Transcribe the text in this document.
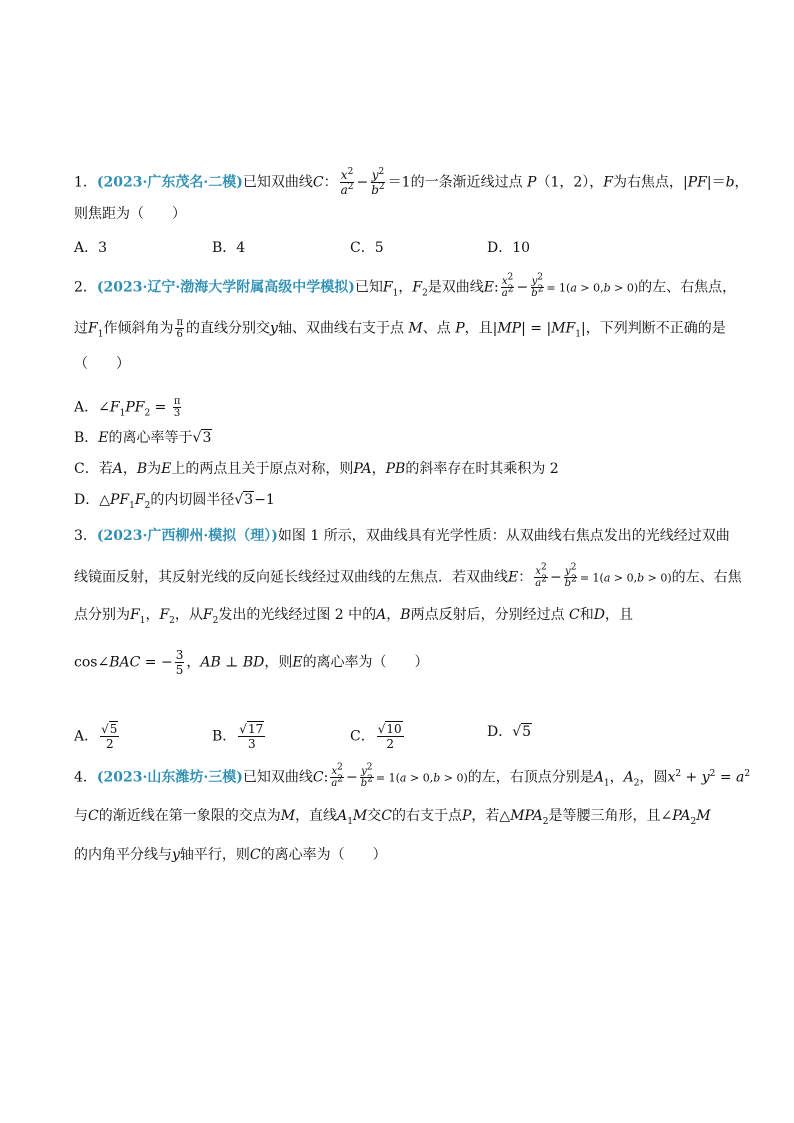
1．(2023·广东茂名·二模)已知双曲线C： $\frac{x^2}{a^2} - \frac{y^2}{b^2} =1$的一条渐近线过点 P（1，2），F为右焦点，|PF|＝b，
则焦距为（　　）
A．3	B．4	C．5	D．10
2．(2023·辽宁·渤海大学附属高级中学模拟)已知$F_1$，$F_2$是双曲线E: $\frac{x^2}{a^2} - \frac{y^2}{b^2} = 1(a > 0,b > 0)$的左、右焦点，
过$F_1$作倾斜角为 $\frac{\pi}{6}$ 的直线分别交y轴、双曲线右支于点 M、点 P，且$|MP| = |MF_1|$，下列判断不正确的是
（　　）
A．$\angle F_1PF_2 = \frac{\pi}{3}$
B．E的离心率等于√3
C．若A，B为E上的两点且关于原点对称，则PA，PB的斜率存在时其乘积为 2
D．$\triangle PF_1F_2$的内切圆半径√3−1
3．(2023·广西柳州·模拟（理）)如图 1 所示，双曲线具有光学性质：从双曲线右焦点发出的光线经过双曲
线镜面反射，其反射光线的反向延长线经过双曲线的左焦点．若双曲线E： $\frac{x^2}{a^2} - \frac{y^2}{b^2} = 1(a > 0,b > 0)$的左、右焦
点分别为$F_1$，$F_2$，从$F_2$发出的光线经过图 2 中的A，B两点反射后，分别经过点 C和D，且
cos∠BAC = − $\frac{3}{5}$ ，AB ⊥ BD，则E的离心率为（　　）
A． $\frac{√5}{2}$	B． $\frac{√17}{3}$	C． $\frac{√10}{2}$	D．√5
4．(2023·山东潍坊·三模)已知双曲线C: $\frac{x^2}{a^2} - \frac{y^2}{b^2} = 1(a > 0,b > 0)$的左，右顶点分别是$A_1$，$A_2$，圆$x^2 + y^2 = a^2$
与C的渐近线在第一象限的交点为M，直线$A_1M$交C的右支于点P，若$\triangle MPA_2$是等腰三角形，且$\angle PA_2M$
的内角平分线与y轴平行，则C的离心率为（　　）
